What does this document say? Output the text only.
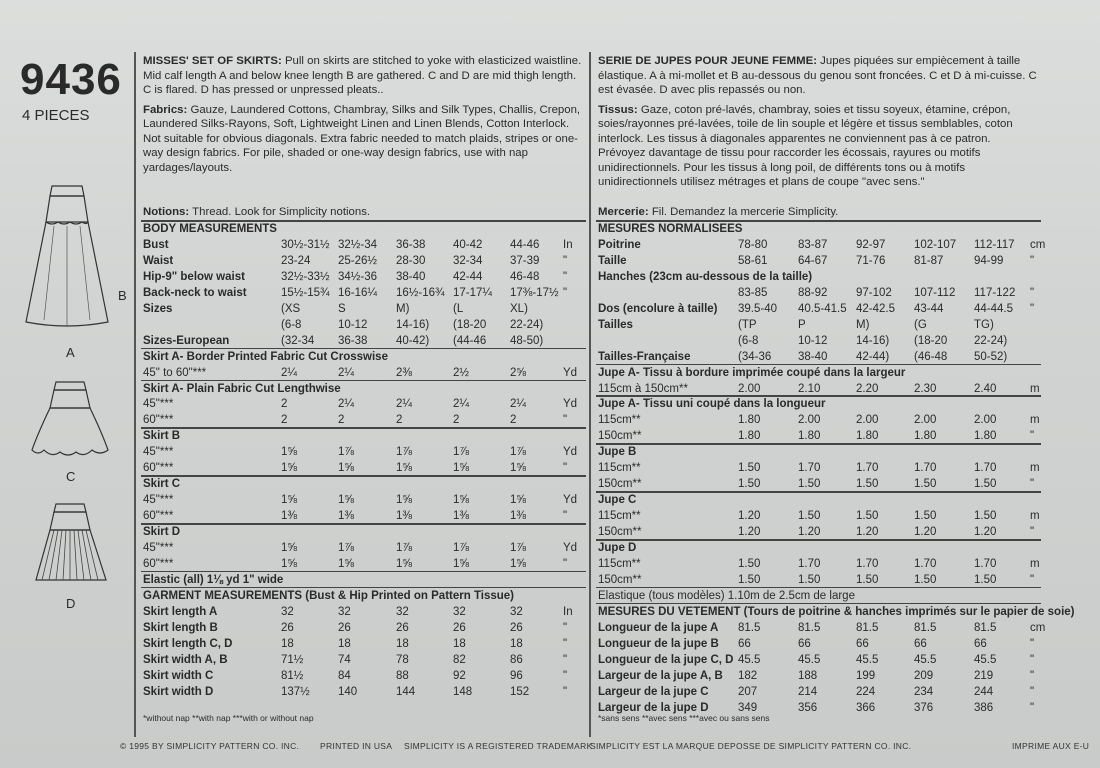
9436
4 PIECES
B
A
C
D

MISSES' SET OF SKIRTS: Pull on skirts are stitched to yoke with elasticized waistline. Mid calf length A and below knee length B are gathered. C and D are mid thigh length. C is flared. D has pressed or unpressed pleats..

Fabrics: Gauze, Laundered Cottons, Chambray, Silks and Silk Types, Challis, Crepon, Laundered Silks-Rayons, Soft, Lightweight Linen and Linen Blends, Cotton Interlock. Not suitable for obvious diagonals. Extra fabric needed to match plaids, stripes or one-way design fabrics. For pile, shaded or one-way design fabrics, use with nap yardages/layouts.

Notions: Thread. Look for Simplicity notions.

SERIE DE JUPES POUR JEUNE FEMME: Jupes piquées sur empiècement à taille élastique. A à mi-mollet et B au-dessous du genou sont froncées. C et D à mi-cuisse. C est évasée. D avec plis repassés ou non.

Tissus: Gaze, coton pré-lavés, chambray, soies et tissu soyeux, étamine, crépon, soies/rayonnes pré-lavées, toile de lin souple et légère et tissus semblables, coton interlock. Les tissus à diagonales apparentes ne conviennent pas à ce patron. Prévoyez davantage de tissu pour raccorder les écossais, rayures ou motifs unidirectionnels. Pour les tissus à long poil, de différents tons ou à motifs unidirectionnels utilisez métrages et plans de coupe "avec sens."

Mercerie: Fil. Demandez la mercerie Simplicity.
BODY MEASUREMENTS
Bust	30½-31½ 32½-34 36-38 40-42 44-46 In
Waist	23-24 25-26½ 28-30 32-34 37-39 "
Hip-9" below waist	32½-33½ 34½-36 38-40 42-44 46-48 "
Back-neck to waist	15½-15¾ 16-16¼ 16½-16¾ 17-17¼ 17⅜-17½ "
Sizes	(XS	S	M)	(L	XL)
(6-8	10-12 14-16) (18-20 22-24)
Sizes-European	(32-34 36-38 40-42) (44-46 48-50)
Skirt A- Border Printed Fabric Cut Crosswise
45" to 60"***	2¼	2¼	2⅜	2½	2⅝	Yd
Skirt A- Plain Fabric Cut Lengthwise
45"***	2	2¼	2¼	2¼	2¼	Yd
60"***	2	2	2	2	2	"
Skirt B
45"***	1⅝	1⅞	1⅞	1⅞	1⅞	Yd
60"***	1⅝	1⅝	1⅝	1⅝	1⅝	"
Skirt C
45"***	1⅝	1⅝	1⅝	1⅝	1⅝	Yd
60"***	1⅜	1⅜	1⅜	1⅜	1⅜	"
Skirt D
45"***	1⅝	1⅞	1⅞	1⅞	1⅞	Yd
60"***	1⅝	1⅝	1⅝	1⅝	1⅝	"
Elastic (all) 1⅛ yd 1" wide
GARMENT MEASUREMENTS (Bust & Hip Printed on Pattern Tissue)
Skirt length A	32	32	32	32	32	In
Skirt length B	26	26	26	26	26	"
Skirt length C, D	18	18	18	18	18	"
Skirt width A, B	71½	74	78	82	86	"
Skirt width C	81½	84	88	92	96	"
Skirt width D	137½ 140	144	148	152	"
MESURES NORMALISEES
Poitrine	78-80	83-87 92-97 102-107 112-117 cm
Taille	58-61	64-67 71-76 81-87	94-99 "
Hanches (23cm au-dessous de la taille)
83-85	88-92 97-102 107-112 117-122 "
Dos (encolure à taille) 39.5-40 40.5-41.5 42-42.5 43-44	44-44.5 "
Tailles	(TP	P	M)	(G	TG)
(6-8	10-12 14-16) (18-20 22-24)
Tailles-Française	(34-36 38-40 42-44) (46-48 50-52)
Jupe A- Tissu à bordure imprimée coupé dans la largeur
115cm à 150cm**	2.00	2.10	2.20	2.30	2.40	m
Jupe A- Tissu uni coupé dans la longueur
115cm**	1.80	2.00	2.00	2.00	2.00	m
150cm**	1.80	1.80	1.80	1.80	1.80	"
Jupe B
115cm**	1.50	1.70	1.70	1.70	1.70	m
150cm**	1.50	1.50	1.50	1.50	1.50	"
Jupe C
115cm**	1.20	1.50	1.50	1.50	1.50	m
150cm**	1.20	1.20	1.20	1.20	1.20	"
Jupe D
115cm**	1.50	1.70	1.70	1.70	1.70	m
150cm**	1.50	1.50	1.50	1.50	1.50	"
Elastique (tous modèles) 1.10m de 2.5cm de large
MESURES DU VETEMENT (Tours de poitrine & hanches imprimés sur le papier de soie)
Longueur de la jupe A 81.5	81.5	81.5	81.5	81.5	cm
Longueur de la jupe B 66	66	66	66	66	"
Longueur de la jupe C, D 45.5	45.5	45.5	45.5	45.5	"
Largeur de la jupe A, B 182	188	199	209	219	"
Largeur de la jupe C	207	214	224	234	244	"
Largeur de la jupe D	349	356	366	376	386	"
*without nap **with nap ***with or without nap	*sans sens **avec sens ***avec ou sans sens
© 1995 BY SIMPLICITY PATTERN CO. INC. PRINTED IN USA SIMPLICITY IS A REGISTERED TRADEMARK
SIMPLICITY EST LA MARQUE DEPOSSE DE SIMPLICITY PATTERN CO. INC.	IMPRIME AUX E-U
